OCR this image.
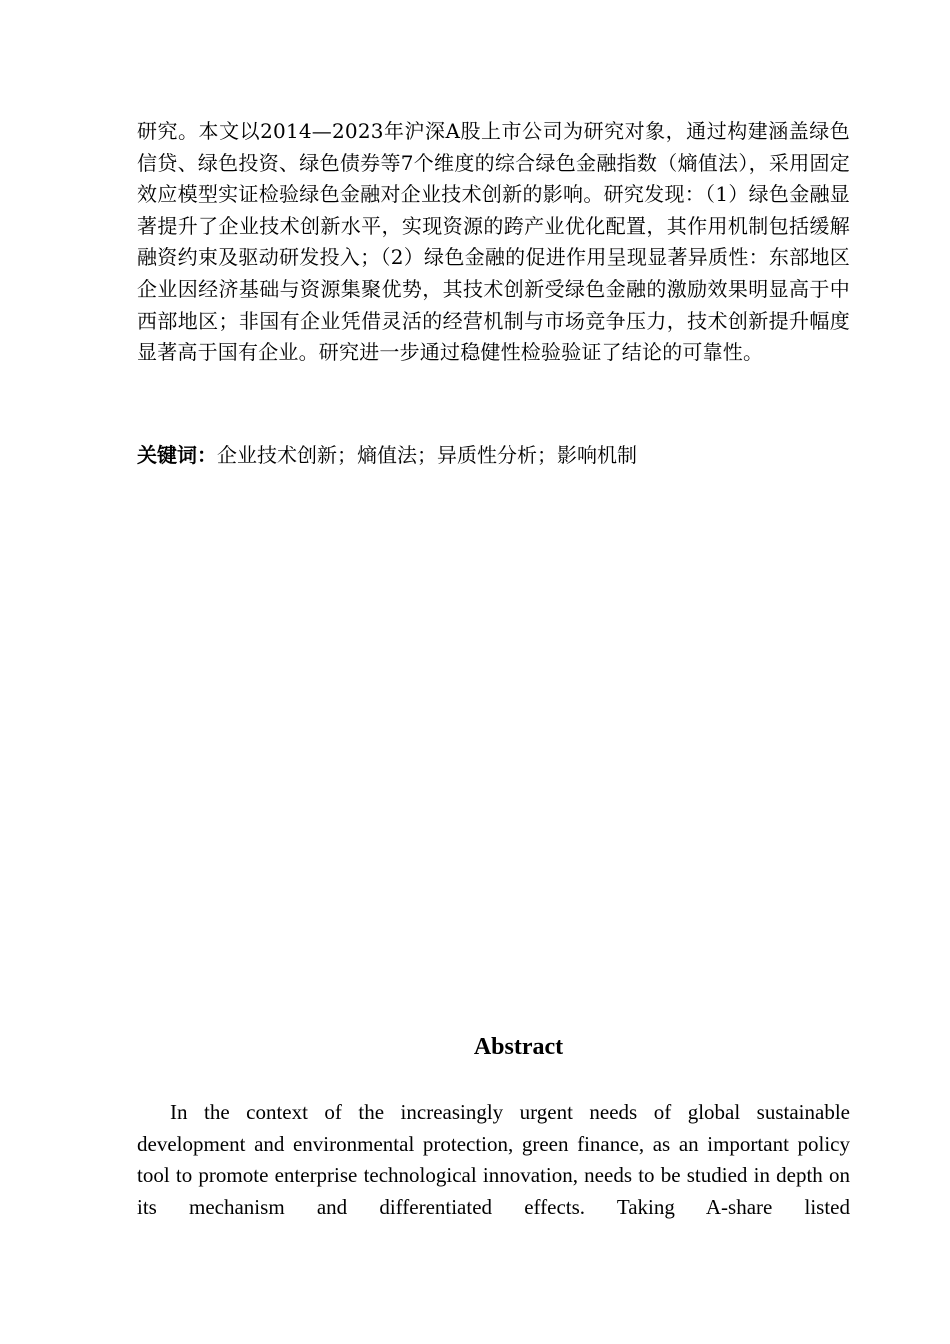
研究。本文以2014—2023年沪深A股上市公司为研究对象，通过构建涵盖绿色信贷、绿色投资、绿色债券等7个维度的综合绿色金融指数（熵值法），采用固定效应模型实证检验绿色金融对企业技术创新的影响。研究发现：（1）绿色金融显著提升了企业技术创新水平，实现资源的跨产业优化配置，其作用机制包括缓解融资约束及驱动研发投入；（2）绿色金融的促进作用呈现显著异质性：东部地区企业因经济基础与资源集聚优势，其技术创新受绿色金融的激励效果明显高于中西部地区；非国有企业凭借灵活的经营机制与市场竞争压力，技术创新提升幅度显著高于国有企业。研究进一步通过稳健性检验验证了结论的可靠性。

关键词：企业技术创新；熵值法；异质性分析；影响机制

Abstract

In the context of the increasingly urgent needs of global sustainable development and environmental protection, green finance, as an important policy tool to promote enterprise technological innovation, needs to be studied in depth on its mechanism and differentiated effects. Taking A-share listed
